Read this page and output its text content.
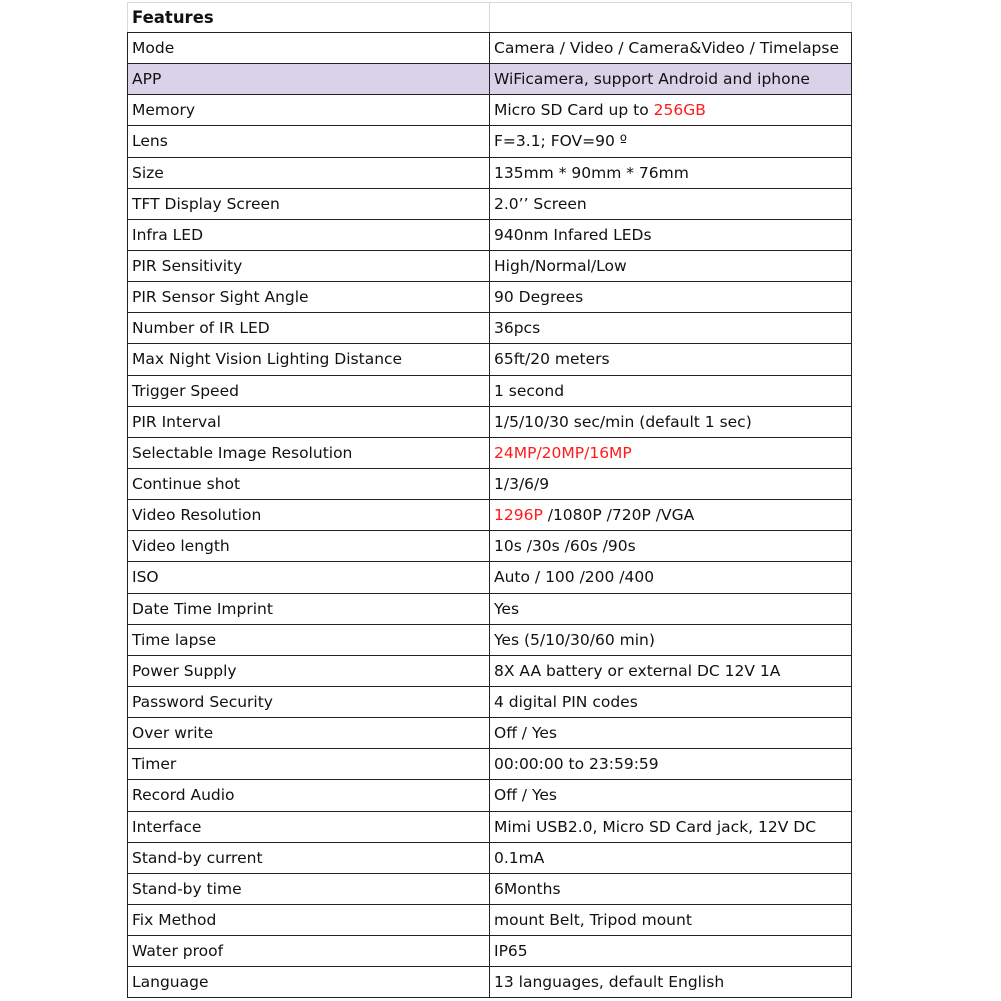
Features
Mode	Camera / Video / Camera&Video / Timelapse
APP	WiFicamera, support Android and iphone
Memory	Micro SD Card up to 256GB
Lens	F=3.1; FOV=90 º
Size	135mm * 90mm * 76mm
TFT Display Screen	2.0’’ Screen
Infra LED	940nm Infared LEDs
PIR Sensitivity	High/Normal/Low
PIR Sensor Sight Angle	90 Degrees
Number of IR LED	36pcs
Max Night Vision Lighting Distance	65ft/20 meters
Trigger Speed	1 second
PIR Interval	1/5/10/30 sec/min (default 1 sec)
Selectable Image Resolution	24MP/20MP/16MP
Continue shot	1/3/6/9
Video Resolution	1296P /1080P /720P /VGA
Video length	10s /30s /60s /90s
ISO	Auto / 100 /200 /400
Date Time Imprint	Yes
Time lapse	Yes (5/10/30/60 min)
Power Supply	8X AA battery or external DC 12V 1A
Password Security	4 digital PIN codes
Over write	Off / Yes
Timer	00:00:00 to 23:59:59
Record Audio	Off / Yes
Interface	Mimi USB2.0, Micro SD Card jack, 12V DC
Stand-by current	0.1mA
Stand-by time	6Months
Fix Method	mount Belt, Tripod mount
Water proof	IP65
Language	13 languages, default English
